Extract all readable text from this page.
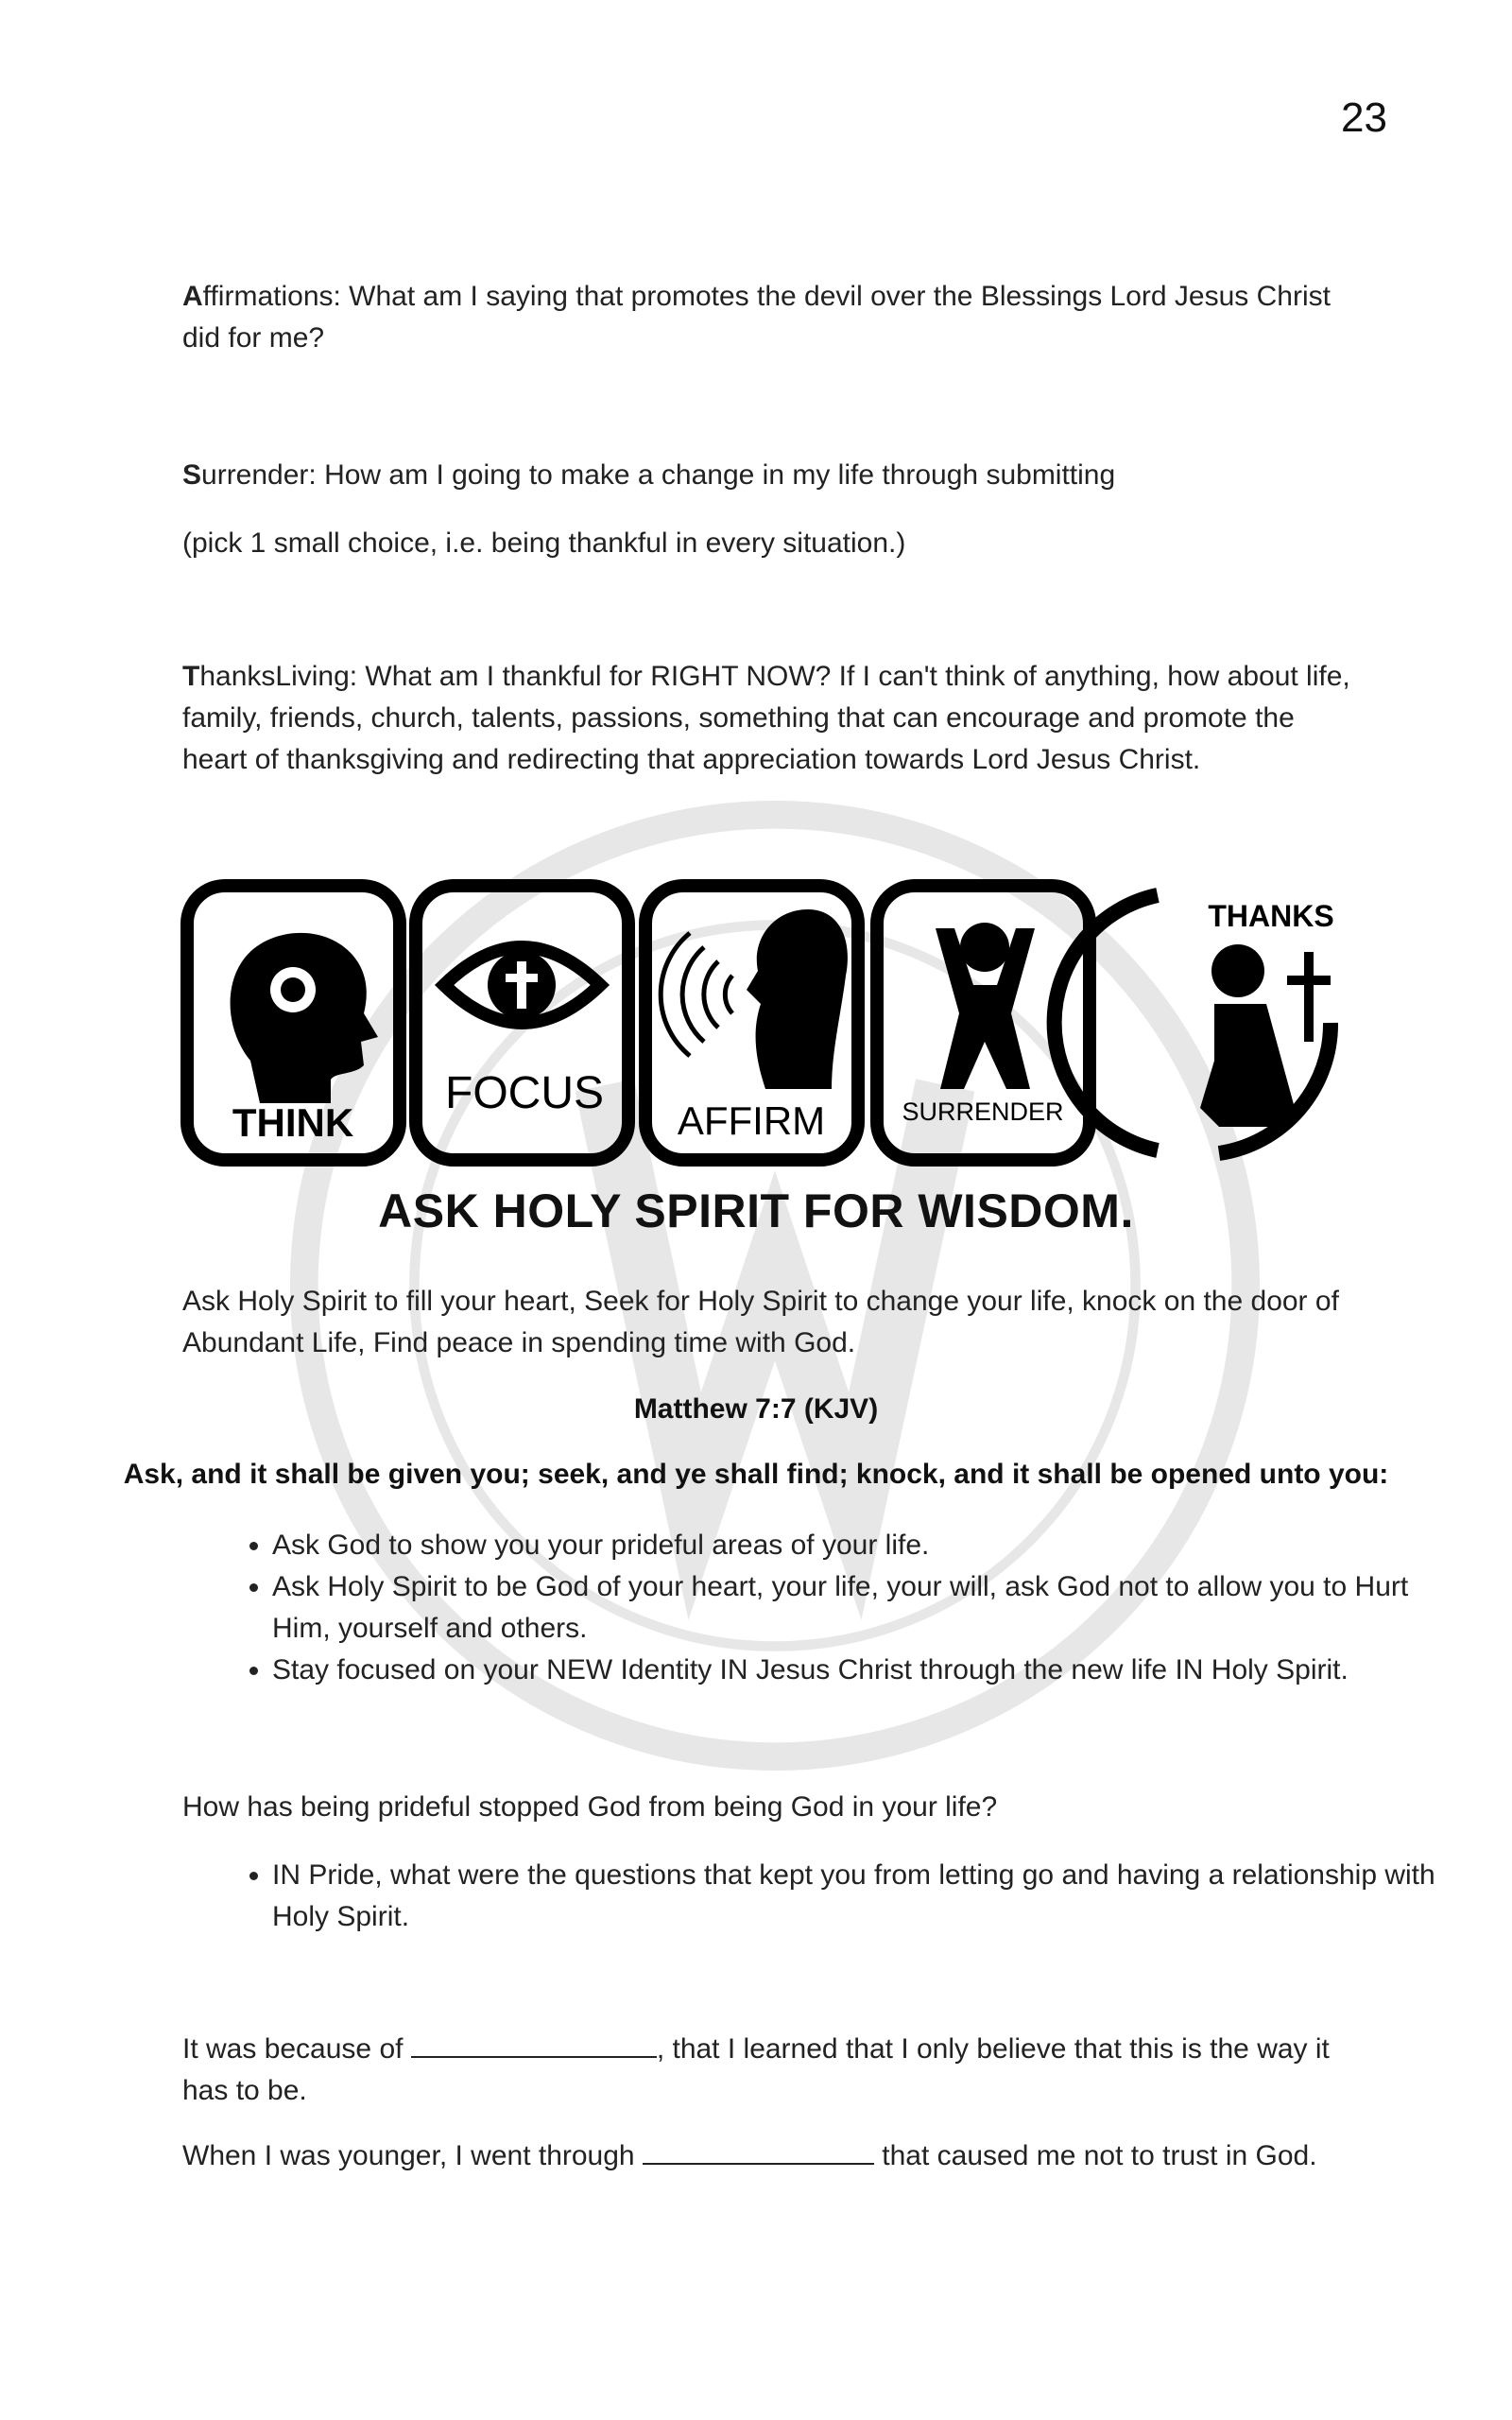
23
Affirmations: What am I saying that promotes the devil over the Blessings Lord Jesus Christ did for me?
Surrender: How am I going to make a change in my life through submitting
(pick 1 small choice, i.e. being thankful in every situation.)
ThanksLiving: What am I thankful for RIGHT NOW? If I can't think of anything, how about life, family, friends, church, talents, passions, something that can encourage and promote the heart of thanksgiving and redirecting that appreciation towards Lord Jesus Christ.
THINK
FOCUS
AFFIRM	SURRENDER
THANKS
ASK HOLY SPIRIT FOR WISDOM.
Ask Holy Spirit to fill your heart, Seek for Holy Spirit to change your life, knock on the door of Abundant Life, Find peace in spending time with God.
Matthew 7:7 (KJV)
Ask, and it shall be given you; seek, and ye shall find; knock, and it shall be opened unto you:
• Ask God to show you your prideful areas of your life.
• Ask Holy Spirit to be God of your heart, your life, your will, ask God not to allow you to Hurt Him, yourself and others.
• Stay focused on your NEW Identity IN Jesus Christ through the new life IN Holy Spirit.
How has being prideful stopped God from being God in your life?
• IN Pride, what were the questions that kept you from letting go and having a relationship with Holy Spirit.
It was because of	, that I learned that I only believe that this is the way it has to be.
When I was younger, I went through	that caused me not to trust in God.
